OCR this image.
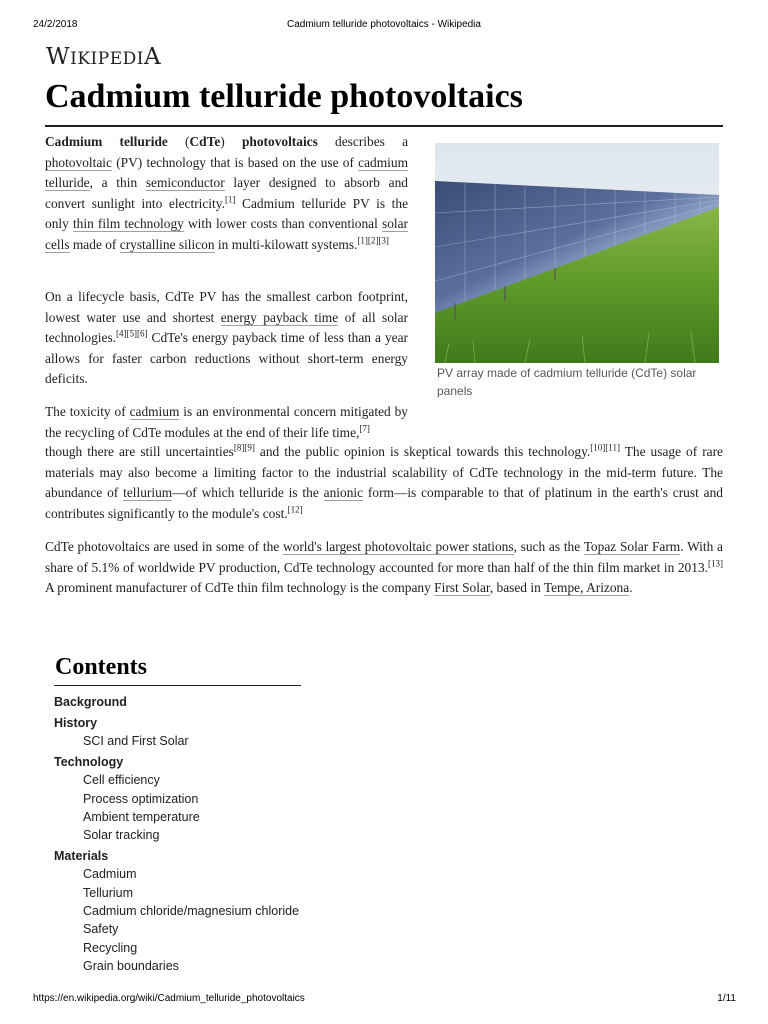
24/2/2018	Cadmium telluride photovoltaics - Wikipedia
WIKIPEDIA
Cadmium telluride photovoltaics

Cadmium telluride (CdTe) photovoltaics describes a photovoltaic (PV) technology that is based on the use of cadmium telluride, a thin semiconductor layer designed to absorb and convert sunlight into electricity.[1] Cadmium telluride PV is the only thin film technology with lower costs than conventional solar cells made of crystalline silicon in multi-kilowatt systems.[1][2][3]

On a lifecycle basis, CdTe PV has the smallest carbon footprint, lowest water use and shortest energy payback time of all solar technologies.[4][5][6] CdTe's energy payback time of less than a year allows for faster carbon reductions without short-term energy deficits.

The toxicity of cadmium is an environmental concern mitigated by the recycling of CdTe modules at the end of their life time,[7]

though there are still uncertainties[8][9] and the public opinion is skeptical towards this technology.[10][11] The usage of rare materials may also become a limiting factor to the industrial scalability of CdTe technology in the mid-term future. The abundance of tellurium—of which telluride is the anionic form—is comparable to that of platinum in the earth's crust and contributes significantly to the module's cost.[12]

CdTe photovoltaics are used in some of the world's largest photovoltaic power stations, such as the Topaz Solar Farm. With a share of 5.1% of worldwide PV production, CdTe technology accounted for more than half of the thin film market in 2013.[13] A prominent manufacturer of CdTe thin film technology is the company First Solar, based in Tempe, Arizona.

PV array made of cadmium telluride (CdTe) solar panels
Contents
Background
History
SCI and First Solar
Technology
Cell efficiency
Process optimization
Ambient temperature
Solar tracking
Materials
Cadmium
Tellurium
Cadmium chloride/magnesium chloride
Safety
Recycling
Grain boundaries
https://en.wikipedia.org/wiki/Cadmium_telluride_photovoltaics	1/11
